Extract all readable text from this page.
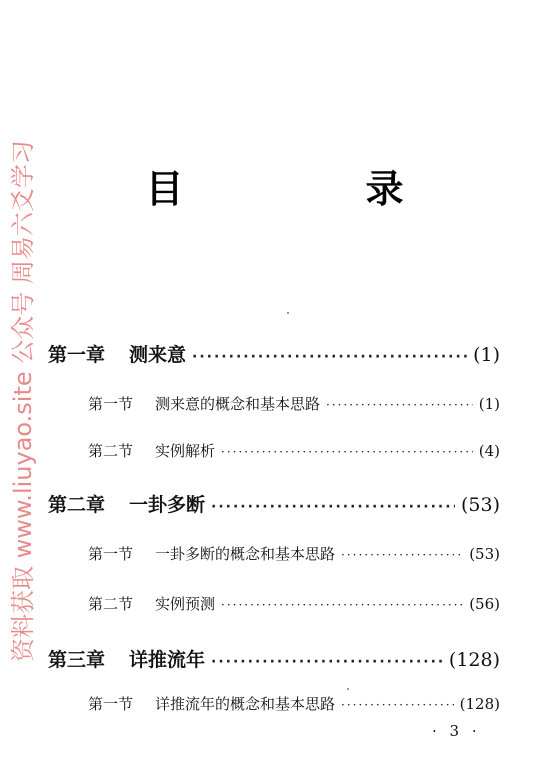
资料获取 www.liuyao.site 公众号 周易六爻学习	目　录
第一章 测来意 ·····	(1)
第一节 测来意的概念和基本思路 ·····	(1)
第二节 实例解析 ·····	(4)
第二章 一卦多断 ·····	(53)
第一节 一卦多断的概念和基本思路 ·····	(53)
第二节 实例预测 ·····	(56)
第三章 详推流年 ·····	(128)
第一节 详推流年的概念和基本思路 ·····	(128)
· 3 ·
